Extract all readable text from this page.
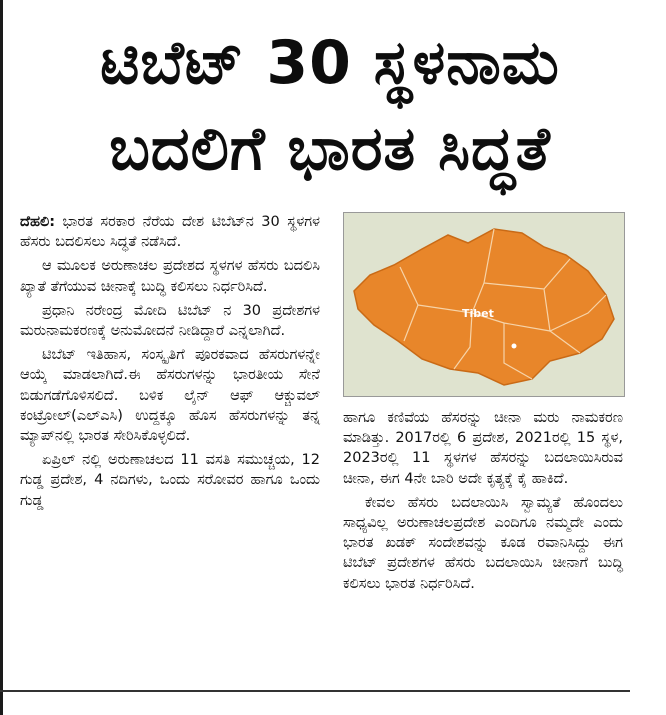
ಟಿಬೆಟ್ 30 ಸ್ಥಳನಾಮ
ಬದಲಿಗೆ ಭಾರತ ಸಿದ್ಧತೆ

ದೆಹಲಿ: ಭಾರತ ಸರಕಾರ ನೆರೆಯ ದೇಶ ಟಿಬೆಟ್‌ನ 30 ಸ್ಥಳಗಳ ಹೆಸರು ಬದಲಿಸಲು ಸಿದ್ಧತೆ ನಡೆಸಿದೆ.

ಆ ಮೂಲಕ ಅರುಣಾಚಲ ಪ್ರದೇಶದ ಸ್ಥಳಗಳ ಹೆಸರು ಬದಲಿಸಿ ಖ್ಯಾತೆ ತೆಗೆಯುವ ಚೀನಾಕ್ಕೆ ಬುದ್ಧಿ ಕಲಿಸಲು ನಿರ್ಧರಿಸಿದೆ.

ಪ್ರಧಾನಿ ನರೇಂದ್ರ ಮೋದಿ ಟಿಬೆಟ್ ನ 30 ಪ್ರದೇಶಗಳ ಮರುನಾಮಕರಣಕ್ಕೆ ಅನುಮೋದನೆ ನೀಡಿದ್ದಾರೆ ಎನ್ನಲಾಗಿದೆ.

ಟಿಬೆಟ್ ಇತಿಹಾಸ, ಸಂಸ್ಕೃತಿಗೆ ಪೂರಕವಾದ ಹೆಸರುಗಳನ್ನೇ ಆಯ್ಕೆ ಮಾಡಲಾಗಿದೆ.ಈ ಹೆಸರುಗಳನ್ನು ಭಾರತೀಯ ಸೇನೆ ಬಿಡುಗಡೆಗೊಳಿಸಲಿದೆ. ಬಳಿಕ ಲೈನ್ ಆಫ್ ಆಕ್ಚುವಲ್ ಕಂಟ್ರೋಲ್(ಎಲ್ಎಸಿ) ಉದ್ದಕ್ಕೂ ಹೊಸ ಹೆಸರುಗಳನ್ನು ತನ್ನ ಮ್ಯಾಪ್‌ನಲ್ಲಿ ಭಾರತ ಸೇರಿಸಿಕೊಳ್ಳಲಿದೆ.

ಏಪ್ರಿಲ್ ನಲ್ಲಿ ಅರುಣಾಚಲದ 11 ವಸತಿ ಸಮುಚ್ಚಯ, 12 ಗುಡ್ಡ ಪ್ರದೇಶ, 4 ನದಿಗಳು, ಒಂದು ಸರೋವರ ಹಾಗೂ ಒಂದು ಗುಡ್ಡ

Tibet

ಹಾಗೂ ಕಣಿವೆಯ ಹೆಸರನ್ನು ಚೀನಾ ಮರು ನಾಮಕರಣ ಮಾಡಿತ್ತು. 2017ರಲ್ಲಿ 6 ಪ್ರದೇಶ, 2021ರಲ್ಲಿ 15 ಸ್ಥಳ, 2023ರಲ್ಲಿ 11 ಸ್ಥಳಗಳ ಹೆಸರನ್ನು ಬದಲಾಯಿಸಿರುವ ಚೀನಾ, ಈಗ 4ನೇ ಬಾರಿ ಅದೇ ಕೃತ್ಯಕ್ಕೆ ಕೈ ಹಾಕಿದೆ.

ಕೇವಲ ಹೆಸರು ಬದಲಾಯಿಸಿ ಸ್ವಾಮ್ಯತೆ ಹೊಂದಲು ಸಾಧ್ಯವಿಲ್ಲ ಅರುಣಾಚಲಪ್ರದೇಶ ಎಂದಿಗೂ ನಮ್ಮದೇ ಎಂದು ಭಾರತ ಖಡಕ್ ಸಂದೇಶವನ್ನು ಕೂಡ ರವಾನಿಸಿದ್ದು ಈಗ ಟಿಬೆಟ್ ಪ್ರದೇಶಗಳ ಹೆಸರು ಬದಲಾಯಿಸಿ ಚೀನಾಗೆ ಬುದ್ಧಿ ಕಲಿಸಲು ಭಾರತ ನಿರ್ಧರಿಸಿದೆ.
